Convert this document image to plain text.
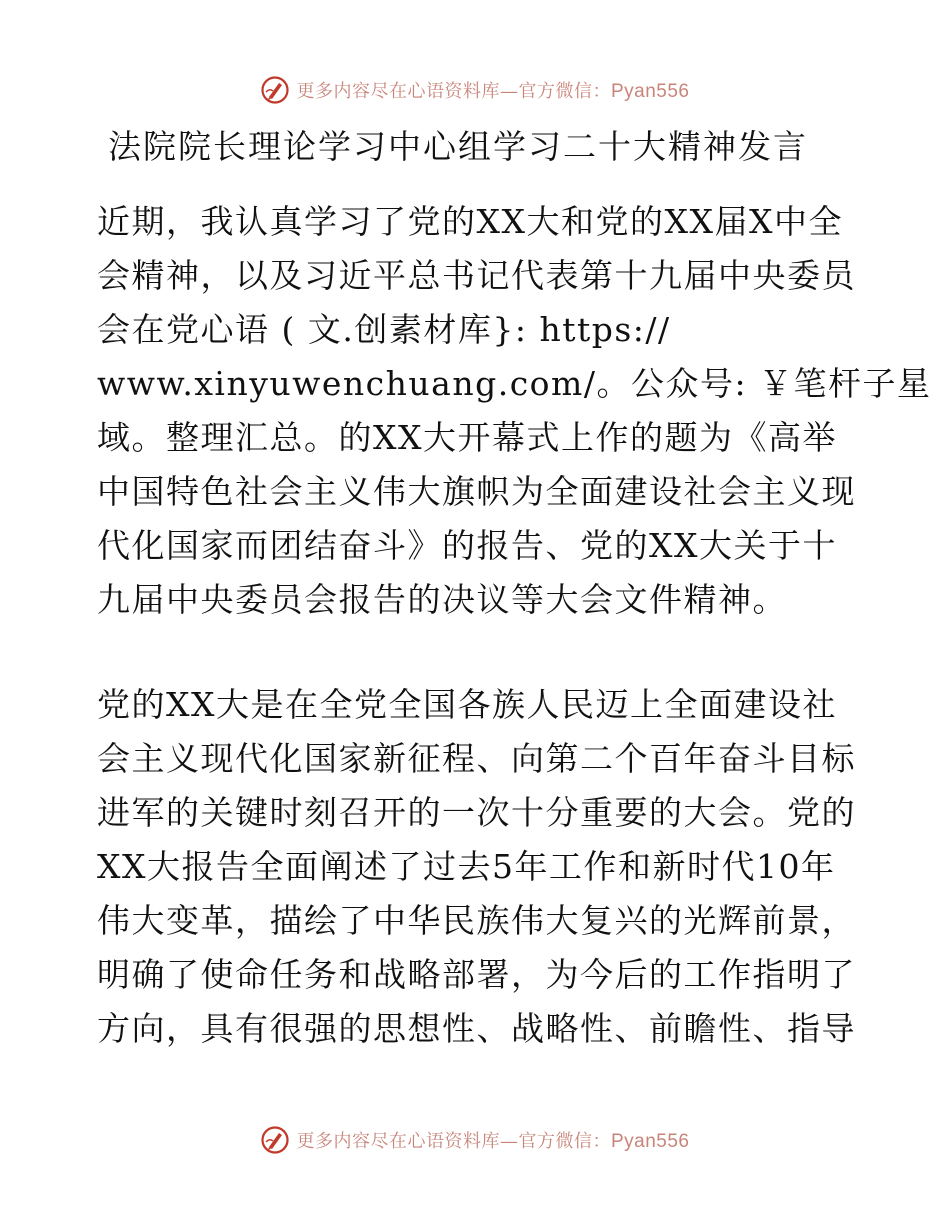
更多内容尽在心语资料库—官方微信：Pyan556
法院院长理论学习中心组学习二十大精神发言
近期，我认真学习了党的XX大和党的XX届X中全
会精神，以及习近平总书记代表第十九届中央委员
会在党心语 ( 文.创素材库}: https://
www.xinyuwenchuang.com/。公众号: ￥笔杆子星
域。整理汇总。的XX大开幕式上作的题为《高举
中国特色社会主义伟大旗帜为全面建设社会主义现
代化国家而团结奋斗》的报告、党的XX大关于十
九届中央委员会报告的决议等大会文件精神。
党的XX大是在全党全国各族人民迈上全面建设社
会主义现代化国家新征程、向第二个百年奋斗目标
进军的关键时刻召开的一次十分重要的大会。党的
XX大报告全面阐述了过去5年工作和新时代10年
伟大变革，描绘了中华民族伟大复兴的光辉前景，
明确了使命任务和战略部署，为今后的工作指明了
方向，具有很强的思想性、战略性、前瞻性、指导
更多内容尽在心语资料库—官方微信：Pyan556
